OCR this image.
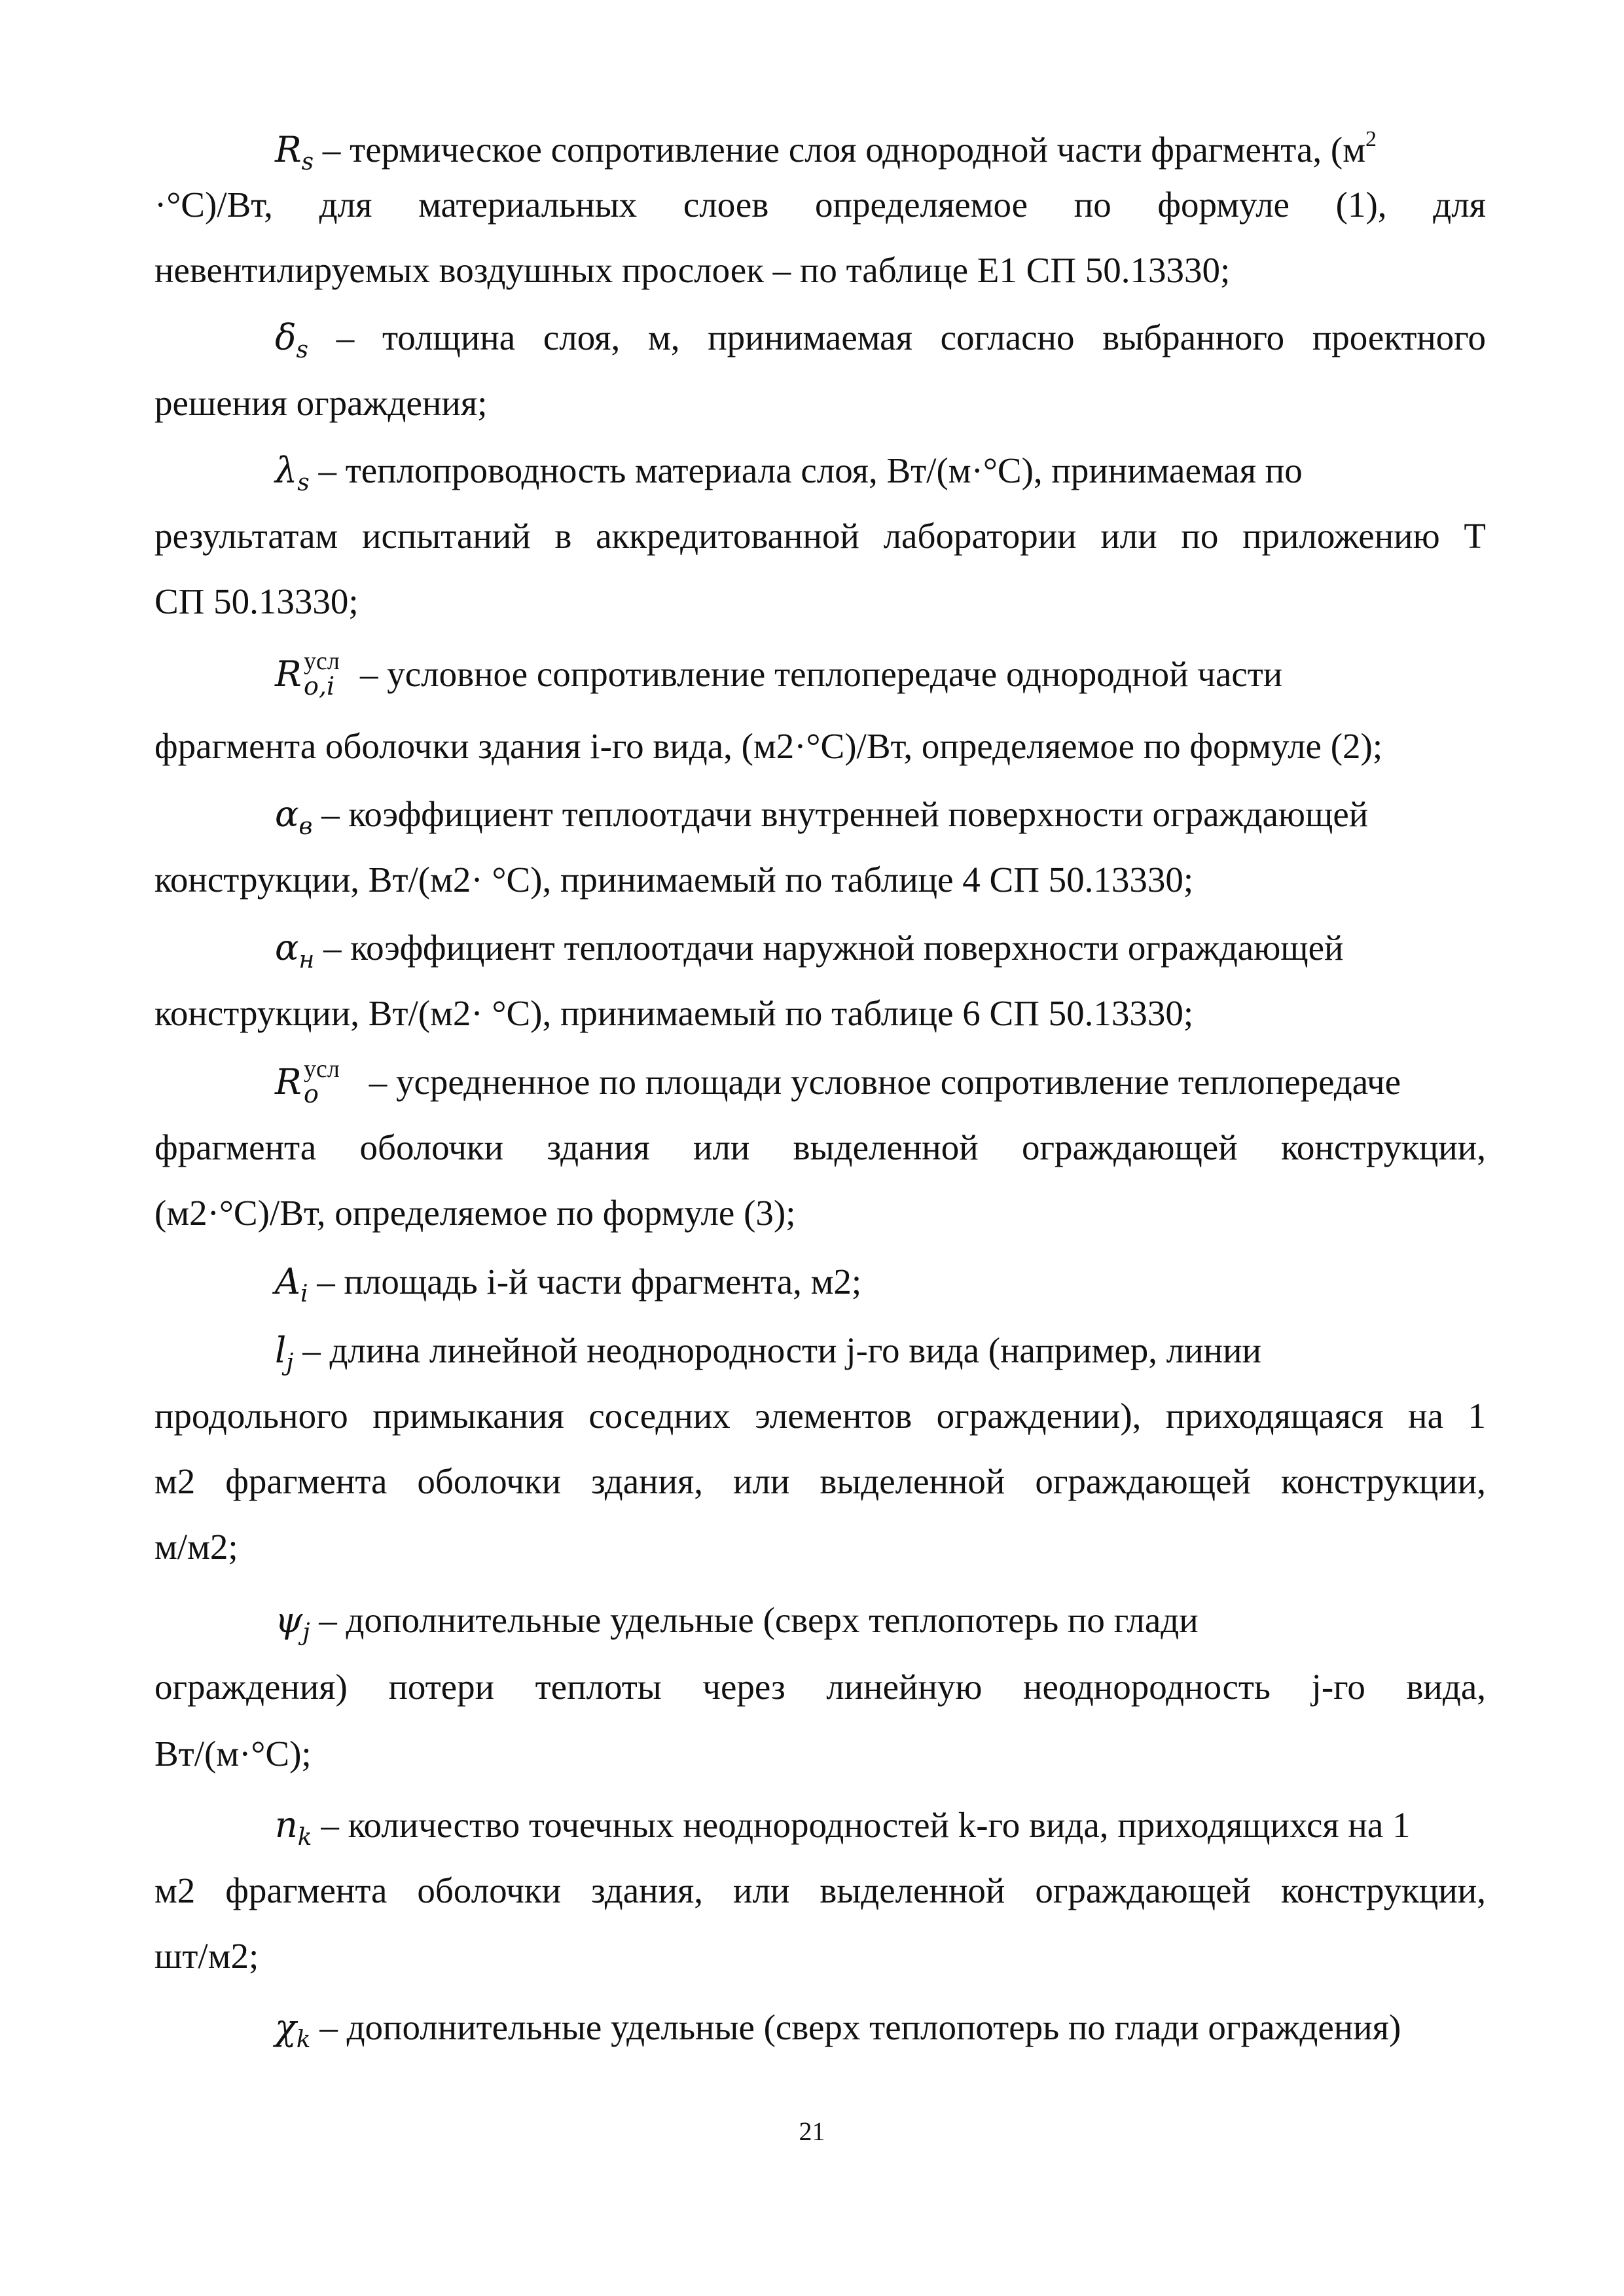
$R_s$ – термическое сопротивление слоя однородной части фрагмента, ($м^2$
·°С)/Вт, для материальных слоев определяемое по формуле (1), для
невентилируемых воздушных прослоек – по таблице Е1 СП 50.13330;
$\delta_s$ – толщина слоя, м, принимаемая согласно выбранного проектного
решения ограждения;
$\lambda_s$ – теплопроводность материала слоя, Вт/(м·°С), принимаемая по
результатам испытаний в аккредитованной лаборатории или по приложению Т
СП 50.13330;
R усл
о,i – условное сопротивление теплопередаче однородной части
фрагмента оболочки здания i-го вида, (м2·°С)/Вт, определяемое по формуле (2);
$\alpha_в$ – коэффициент теплоотдачи внутренней поверхности ограждающей
конструкции, Вт/(м2· °С), принимаемый по таблице 4 СП 50.13330;
$\alpha_н$ – коэффициент теплоотдачи наружной поверхности ограждающей
конструкции, Вт/(м2· °С), принимаемый по таблице 6 СП 50.13330;
R усл
о – усредненное по площади условное сопротивление теплопередаче
фрагмента оболочки здания или выделенной ограждающей конструкции,
(м2·°С)/Вт, определяемое по формуле (3);
$A_i$ – площадь i-й части фрагмента, м2;
$l_j$ – длина линейной неоднородности j-го вида (например, линии
продольного примыкания соседних элементов ограждении), приходящаяся на 1
м2 фрагмента оболочки здания, или выделенной ограждающей конструкции,
м/м2;
$\psi_j$ – дополнительные удельные (сверх теплопотерь по глади
ограждения) потери теплоты через линейную неоднородность j-го вида,
Вт/(м·°С);
$n_k$ – количество точечных неоднородностей k-го вида, приходящихся на 1
м2 фрагмента оболочки здания, или выделенной ограждающей конструкции,
шт/м2;
$\chi_k$ – дополнительные удельные (сверх теплопотерь по глади ограждения)
21
